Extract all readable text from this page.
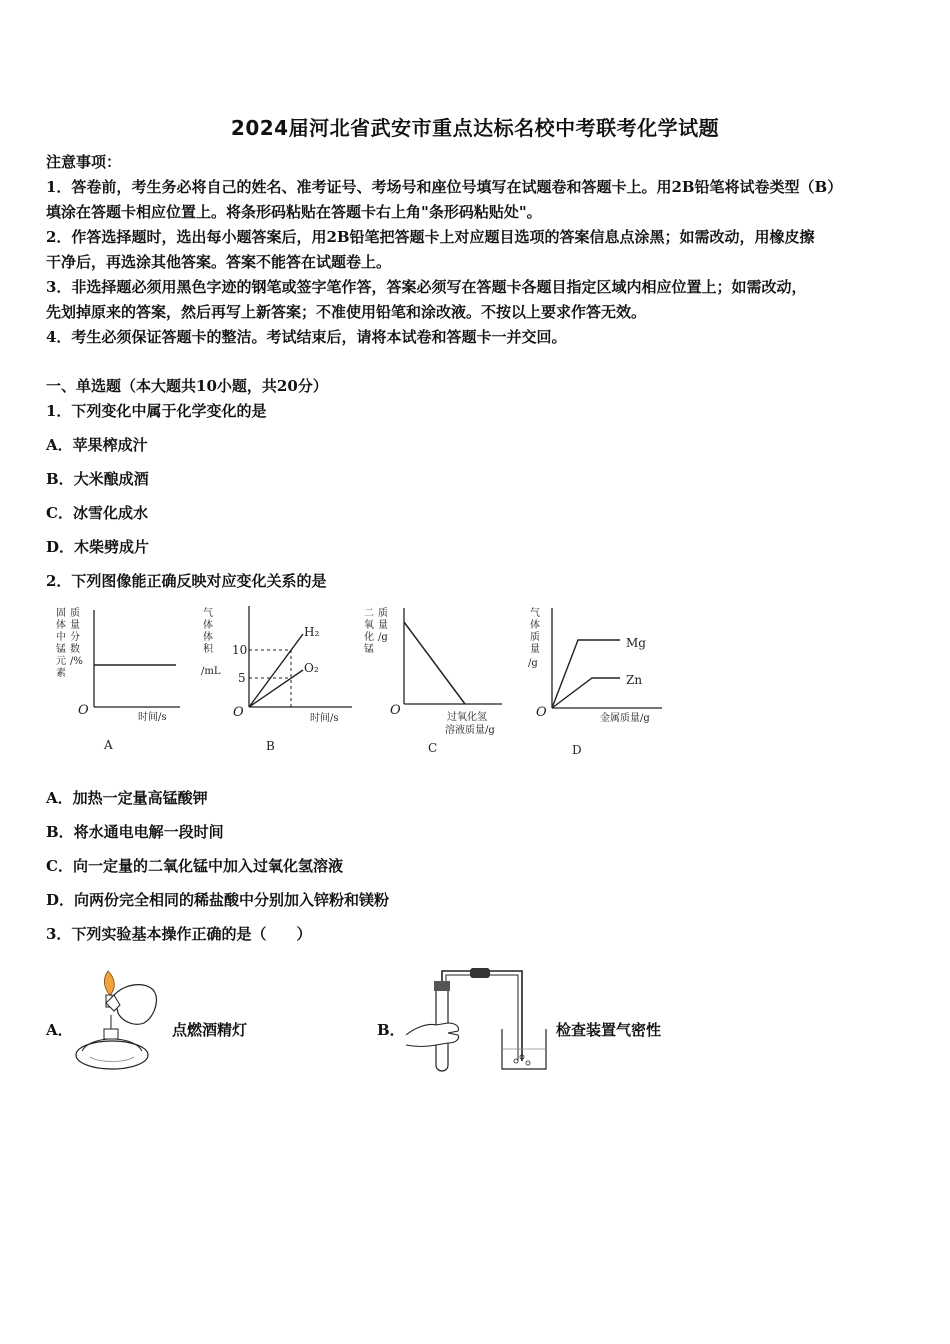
2024届河北省武安市重点达标名校中考联考化学试题
注意事项：
1．答卷前，考生务必将自己的姓名、准考证号、考场号和座位号填写在试题卷和答题卡上。用2B铅笔将试卷类型（B）
填涂在答题卡相应位置上。将条形码粘贴在答题卡右上角"条形码粘贴处"。
2．作答选择题时，选出每小题答案后，用2B铅笔把答题卡上对应题目选项的答案信息点涂黑；如需改动，用橡皮擦
干净后，再选涂其他答案。答案不能答在试题卷上。
3．非选择题必须用黑色字迹的钢笔或签字笔作答，答案必须写在答题卡各题目指定区域内相应位置上；如需改动，
先划掉原来的答案，然后再写上新答案；不准使用铅笔和涂改液。不按以上要求作答无效。
4．考生必须保证答题卡的整洁。考试结束后，请将本试卷和答题卡一并交回。
一、单选题（本大题共10小题，共20分）
1．下列变化中属于化学变化的是
A．苹果榨成汁
B．大米酿成酒
C．冰雪化成水
D．木柴劈成片
2．下列图像能正确反映对应变化关系的是
固
体
中
锰
元
素
质
量
分
数
/%
O	时间/s
A
气
体
体
积
/mL
10
5
H₂
O₂
O	时间/s
B
二
氧
化
锰
质
量
/g
O	过氧化氢
溶液质量/g
C
气
体
质
量
/g
Mg
Zn
O	金属质量/g
D
A．加热一定量高锰酸钾
B．将水通电电解一段时间
C．向一定量的二氧化锰中加入过氧化氢溶液
D．向两份完全相同的稀盐酸中分别加入锌粉和镁粉
3．下列实验基本操作正确的是（　　）
A．	点燃酒精灯	B．	检查装置气密性
